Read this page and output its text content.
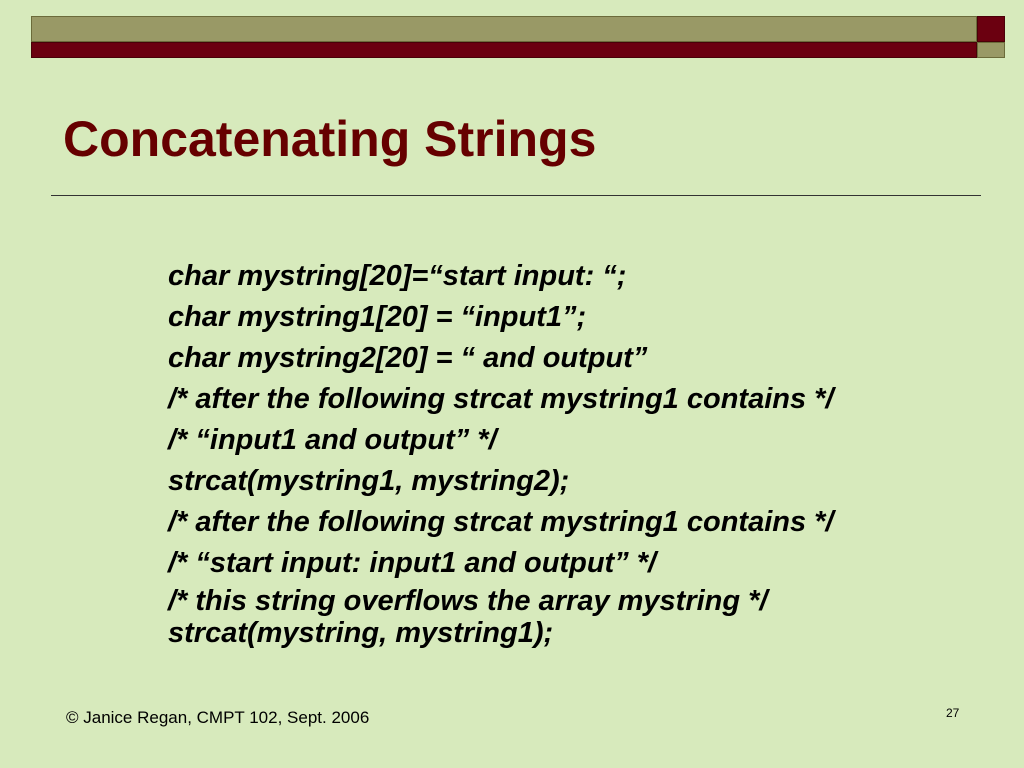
Concatenating Strings
char mystring[20]=“start input: “;
char mystring1[20] = “input1”;
char mystring2[20] = “ and output”
/* after the following strcat mystring1 contains */
/* “input1 and output” */
strcat(mystring1, mystring2);
/* after the following strcat mystring1 contains */
/* “start input: input1 and output” */
/* this string overflows the array mystring */
strcat(mystring, mystring1);
© Janice Regan, CMPT 102, Sept. 2006	27
